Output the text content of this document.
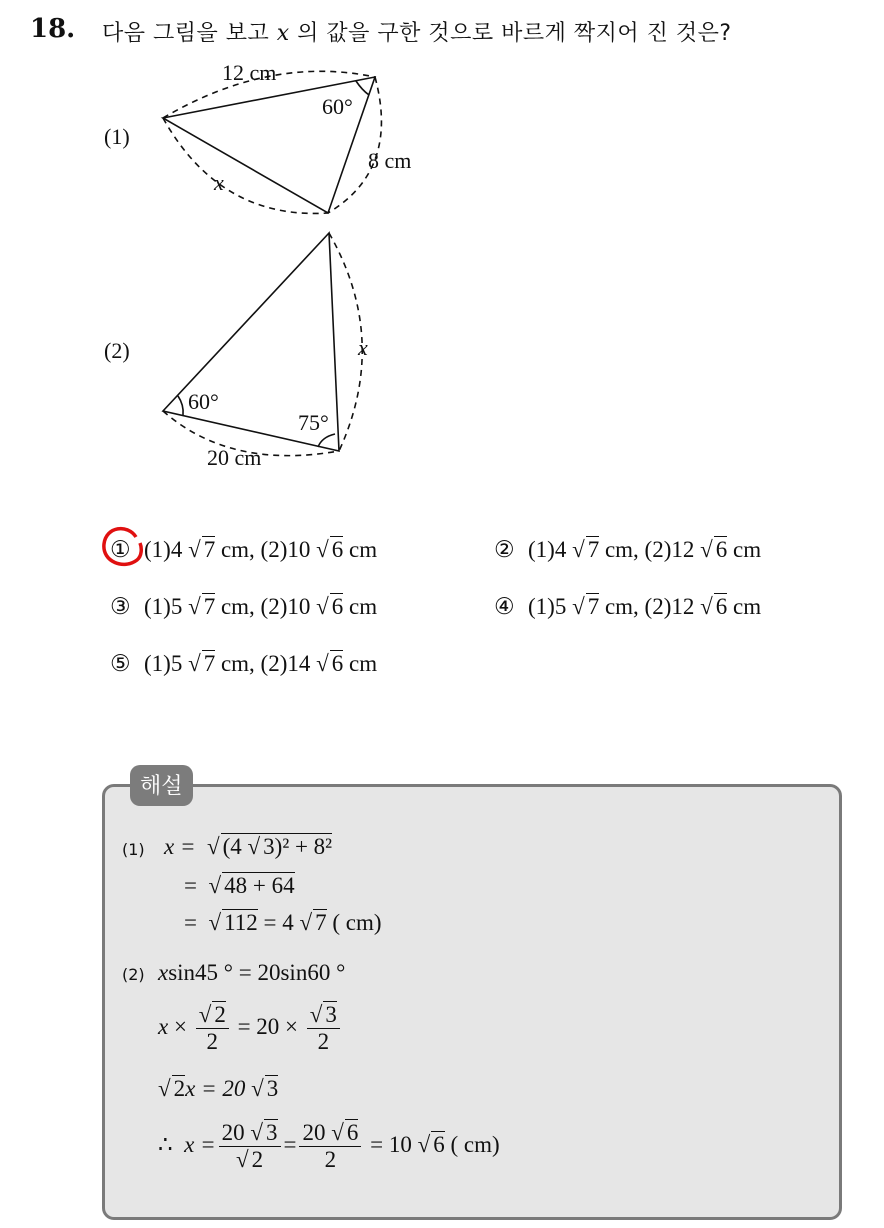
18. 다음 그림을 보고 x 의 값을 구한 것으로 바르게 짝지어 진 것은?
(1)
12 cm
60°
8 cm
x
(2)
60°
75°
20 cm
x
① (1)4 √ 7 cm, (2)10 √ 6 cm	② (1)4 √ 7 cm, (2)12 √ 6 cm
③ (1)5 √ 7 cm, (2)10 √ 6 cm	④ (1)5 √ 7 cm, (2)12 √ 6 cm
⑤ (1)5 √ 7 cm, (2)14 √ 6 cm
해설
(1) x =  √ (4 √ 3)² + 8²
=  √ 48 + 64
=  √ 112 = 4 √ 7 ( cm)
(2) xsin45 ° = 20sin60 °
$x \times \frac{√ 2}{2} = 20 \times \frac{√ 3}{2}$
√ 2x = 20 √ 3
∴ $x = \frac{20 √ 3}{√ 2} = \frac{20 √ 6}{2} = 10$ √ 6 ( cm)
